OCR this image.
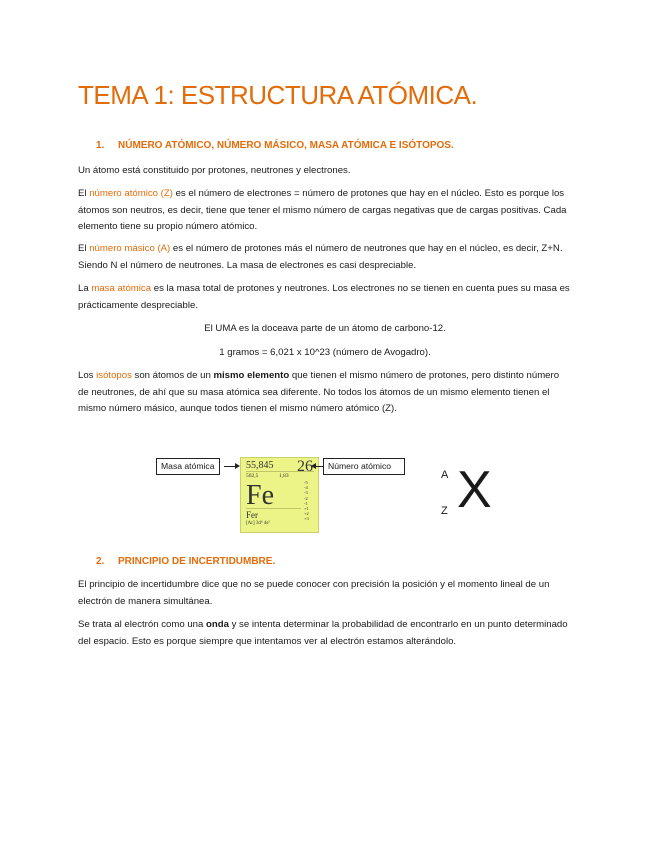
TEMA 1: ESTRUCTURA ATÓMICA.
1. NÚMERO ATÓMICO, NÚMERO MÁSICO, MASA ATÓMICA E ISÓTOPOS.

Un átomo está constituido por protones, neutrones y electrones.

El número atómico (Z) es el número de electrones = número de protones que hay en el núcleo. Esto es porque los átomos son neutros, es decir, tiene que tener el mismo número de cargas negativas que de cargas positivas. Cada elemento tiene su propio número atómico.

El número másico (A) es el número de protones más el número de neutrones que hay en el núcleo, es decir, Z+N. Siendo N el número de neutrones. La masa de electrones es casi despreciable.

La masa atómica es la masa total de protones y neutrones. Los electrones no se tienen en cuenta pues su masa es prácticamente despreciable.

El UMA es la doceava parte de un átomo de carbono-12.

1 gramos = 6,021 x 10^23 (número de Avogadro).

Los isótopos son átomos de un mismo elemento que tienen el mismo número de protones, pero distinto número de neutrones, de ahí que su masa atómica sea diferente. No todos los átomos de un mismo elemento tienen el mismo número másico, aunque todos tienen el mismo número atómico (Z).

Masa atómica	55,845 26
502,5	1,83
Fe
Fer
[Ar] 3d⁶ 4s²
-5
-4
-3
-2
-1
+1
+2
+3
Número atómico
A
Z X
2. PRINCIPIO DE INCERTIDUMBRE.

El principio de incertidumbre dice que no se puede conocer con precisión la posición y el momento lineal de un electrón de manera simultánea.

Se trata al electrón como una onda y se intenta determinar la probabilidad de encontrarlo en un punto determinado del espacio. Esto es porque siempre que intentamos ver al electrón estamos alterándolo.
